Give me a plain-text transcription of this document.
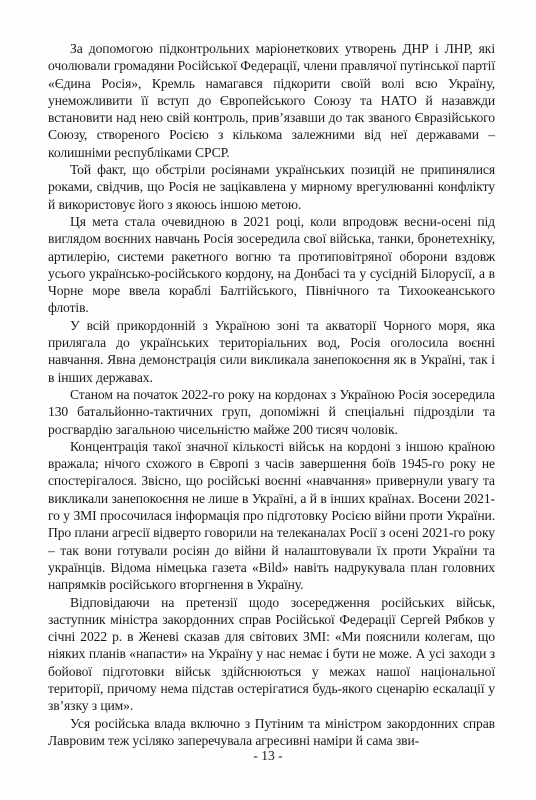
За допомогою підконтрольних маріонеткових утворень ДНР і ЛНР, які очолювали громадяни Російської Федерації, члени правлячої путінської партії «Єдина Росія», Кремль намагався підкорити своїй волі всю Україну, унеможливити її вступ до Європейського Союзу та НАТО й назавжди встановити над нею свій контроль, прив’язавши до так званого Євразійського Союзу, створеного Росією з кількома залежними від неї державами – колишніми республіками СРСР.

Той факт, що обстріли росіянами українських позицій не припинялися роками, свідчив, що Росія не зацікавлена у мирному врегулюванні конфлікту й використовує його з якоюсь іншою метою.

Ця мета стала очевидною в 2021 році, коли впродовж весни-осені під виглядом воєнних навчань Росія зосередила свої війська, танки, бронетехніку, артилерію, системи ракетного вогню та протиповітряної оборони вздовж усього українсько-російського кордону, на Донбасі та у сусідній Білорусії, а в Чорне море ввела кораблі Балтійського, Північного та Тихоокеанського флотів.

У всій прикордонній з Україною зоні та акваторії Чорного моря, яка прилягала до українських територіальних вод, Росія оголосила воєнні навчання. Явна демонстрація сили викликала занепокоєння як в Україні, так і в інших державах.

Станом на початок 2022-го року на кордонах з Україною Росія зосередила 130 батальйонно-тактичних груп, допоміжні й спеціальні підрозділи та росгвардію загальною чисельністю майже 200 тисяч чоловік.

Концентрація такої значної кількості військ на кордоні з іншою країною вражала; нічого схожого в Європі з часів завершення боїв 1945-го року не спостерігалося. Звісно, що російські воєнні «навчання» привернули увагу та викликали занепокоєння не лише в Україні, а й в інших країнах. Восени 2021-го у ЗМІ просочилася інформація про підготовку Росією війни проти України. Про плани агресії відверто говорили на телеканалах Росії з осені 2021-го року – так вони готували росіян до війни й налаштовували їх проти України та українців. Відома німецька газета «Bild» навіть надрукувала план головних напрямків російського вторгнення в Україну.

Відповідаючи на претензії щодо зосередження російських військ, заступник міністра закордонних справ Російської Федерації Сергей Рябков у січні 2022 р. в Женеві сказав для світових ЗМІ: «Ми пояснили колегам, що ніяких планів «напасти» на Україну у нас немає і бути не може. А усі заходи з бойової підготовки військ здійснюються у межах нашої національної території, причому нема підстав остерігатися будь-якого сценарію ескалації у зв’язку з цим».

Уся російська влада включно з Путіним та міністром закордонних справ Лавровим теж усіляко заперечувала агресивні наміри й сама зви-

- 13 -
